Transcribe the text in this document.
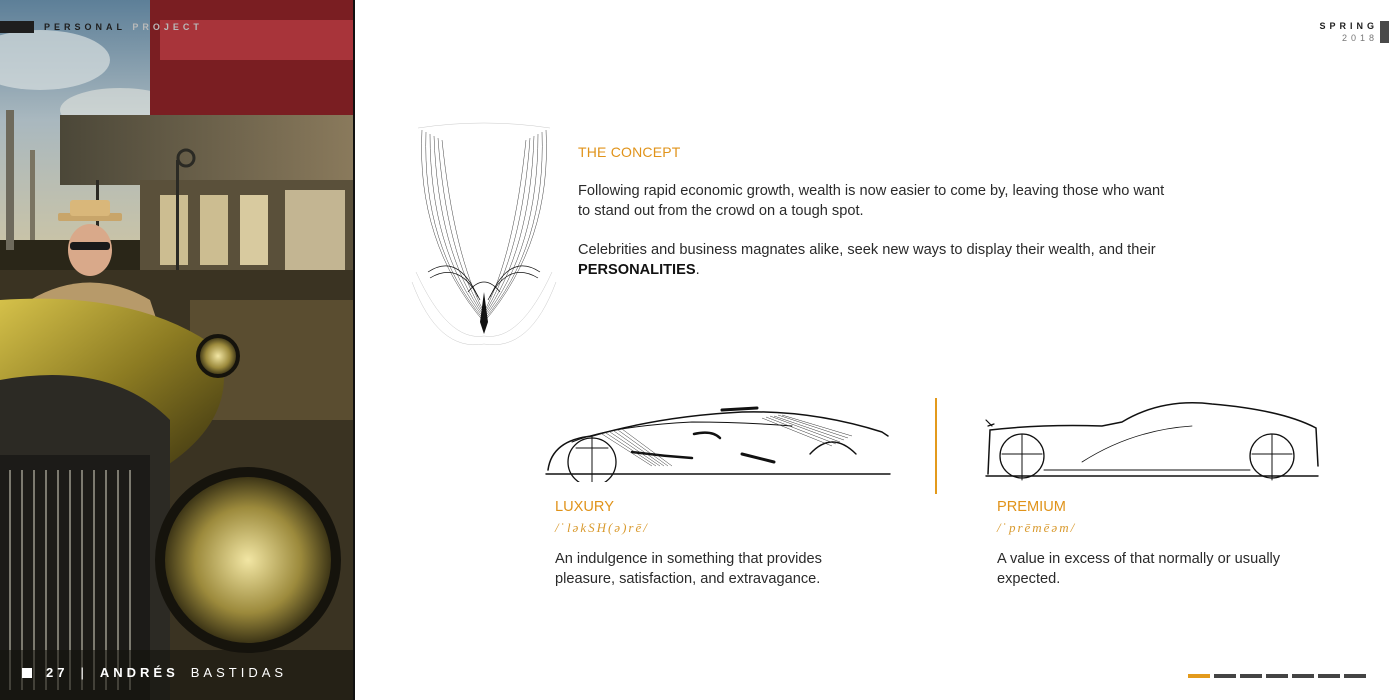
PERSONAL PROJECT	SPRING
2018
THE CONCEPT

Following rapid economic growth, wealth is now easier to come by, leaving those who want to stand out from the crowd on a tough spot.

Celebrities and business magnates alike, seek new ways to display their wealth, and their PERSONALITIES.

LUXURY
/ˈləkSH(ə)rē/
An indulgence in something that provides pleasure, satisfaction, and extravagance.
PREMIUM
/ˈprēmēəm/
A value in excess of that normally or usually expected.
27 | ANDRÉS BASTIDAS
